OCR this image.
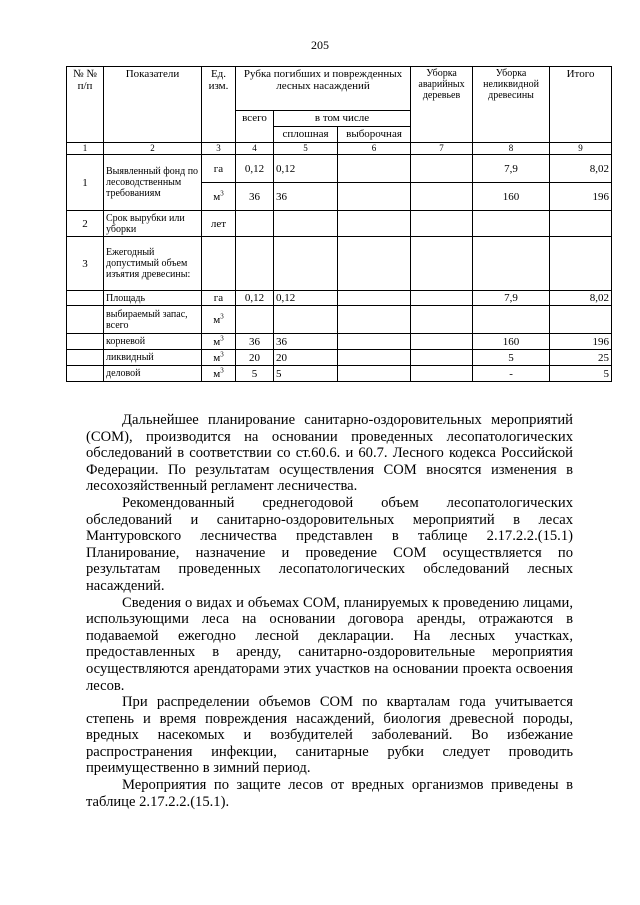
205
№ № п/п	Показатели	Ед. изм.	Рубка погибших и поврежденных лесных насаждений			Уборка аварийных деревьев	Уборка неликвидной древесины	Итого
			всего	в том числе				
				сплошная	выборочная			
1	2	3	4	5	6	7	8	9
1	Выявленный фонд по лесоводственным требованиям	га	0,12	0,12			7,9	8,02
		$м^3$	36	36			160	196
2	Срок вырубки или уборки	лет						
3	Ежегодный допустимый объем изъятия древесины:							
	Площадь	га	0,12	0,12			7,9	8,02
	выбираемый запас, всего	$м^3$						
	корневой	$м^3$	36	36			160	196
	ликвидный	$м^3$	20	20			5	25
	деловой	$м^3$	5	5			-	5

Дальнейшее планирование санитарно-оздоровительных мероприятий (СОМ), производится на основании проведенных лесопатологических обследований в соответствии со ст.60.6. и 60.7. Лесного кодекса Российской Федерации. По результатам осуществления СОМ вносятся изменения в лесохозяйственный регламент лесничества.

Рекомендованный среднегодовой объем лесопатологических обследований и санитарно-оздоровительных мероприятий в лесах Мантуровского лесничества представлен в таблице 2.17.2.2.(15.1) Планирование, назначение и проведение СОМ осуществляется по результатам проведенных лесопатологических обследований лесных насаждений.

Сведения о видах и объемах СОМ, планируемых к проведению лицами, использующими леса на основании договора аренды, отражаются в подаваемой ежегодно лесной декларации. На лесных участках, предоставленных в аренду, санитарно-оздоровительные мероприятия осуществляются арендаторами этих участков на основании проекта освоения лесов.

При распределении объемов СОМ по кварталам года учитывается степень и время повреждения насаждений, биология древесной породы, вредных насекомых и возбудителей заболеваний. Во избежание распространения инфекции, санитарные рубки следует проводить преимущественно в зимний период.

Мероприятия по защите лесов от вредных организмов приведены в таблице 2.17.2.2.(15.1).
